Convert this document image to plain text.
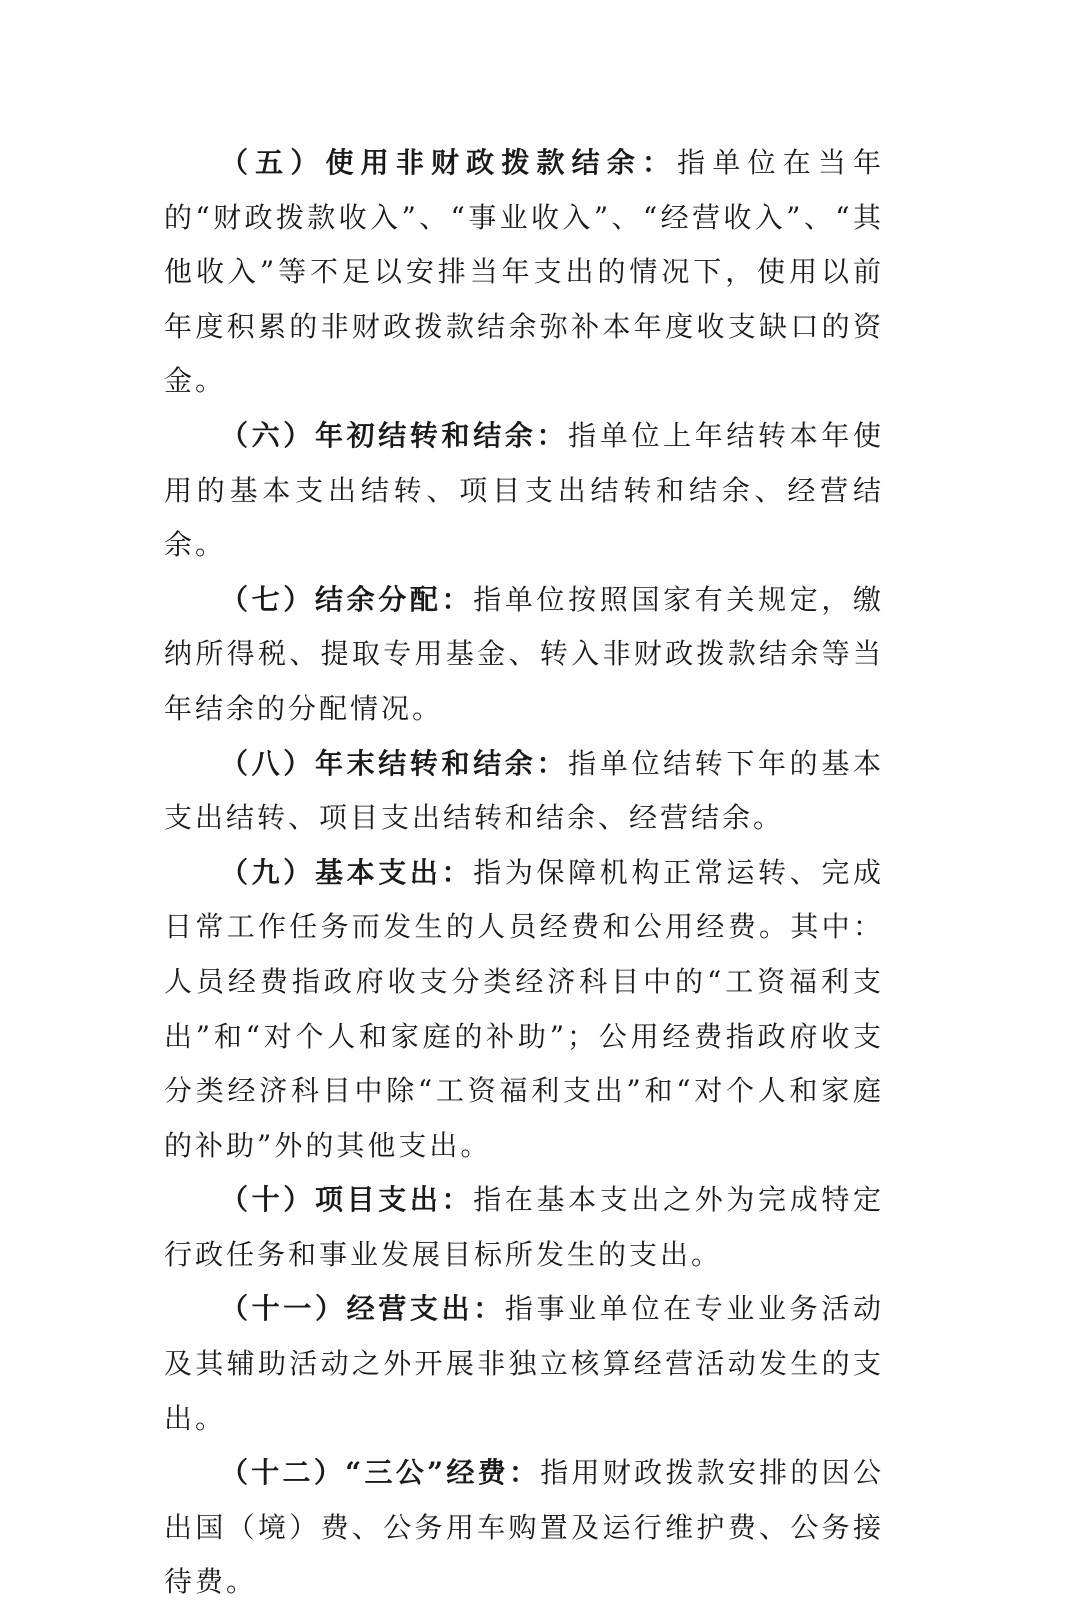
（五）使用非财政拨款结余：指单位在当年的“财政拨款收入”、“事业收入”、“经营收入”、“其他收入”等不足以安排当年支出的情况下，使用以前年度积累的非财政拨款结余弥补本年度收支缺口的资金。

（六）年初结转和结余：指单位上年结转本年使用的基本支出结转、项目支出结转和结余、经营结余。

（七）结余分配：指单位按照国家有关规定，缴纳所得税、提取专用基金、转入非财政拨款结余等当年结余的分配情况。

（八）年末结转和结余：指单位结转下年的基本支出结转、项目支出结转和结余、经营结余。

（九）基本支出：指为保障机构正常运转、完成日常工作任务而发生的人员经费和公用经费。其中：人员经费指政府收支分类经济科目中的“工资福利支出”和“对个人和家庭的补助”；公用经费指政府收支分类经济科目中除“工资福利支出”和“对个人和家庭的补助”外的其他支出。

（十）项目支出：指在基本支出之外为完成特定行政任务和事业发展目标所发生的支出。

（十一）经营支出：指事业单位在专业业务活动及其辅助活动之外开展非独立核算经营活动发生的支出。

（十二）“三公”经费：指用财政拨款安排的因公出国（境）费、公务用车购置及运行维护费、公务接待费。
